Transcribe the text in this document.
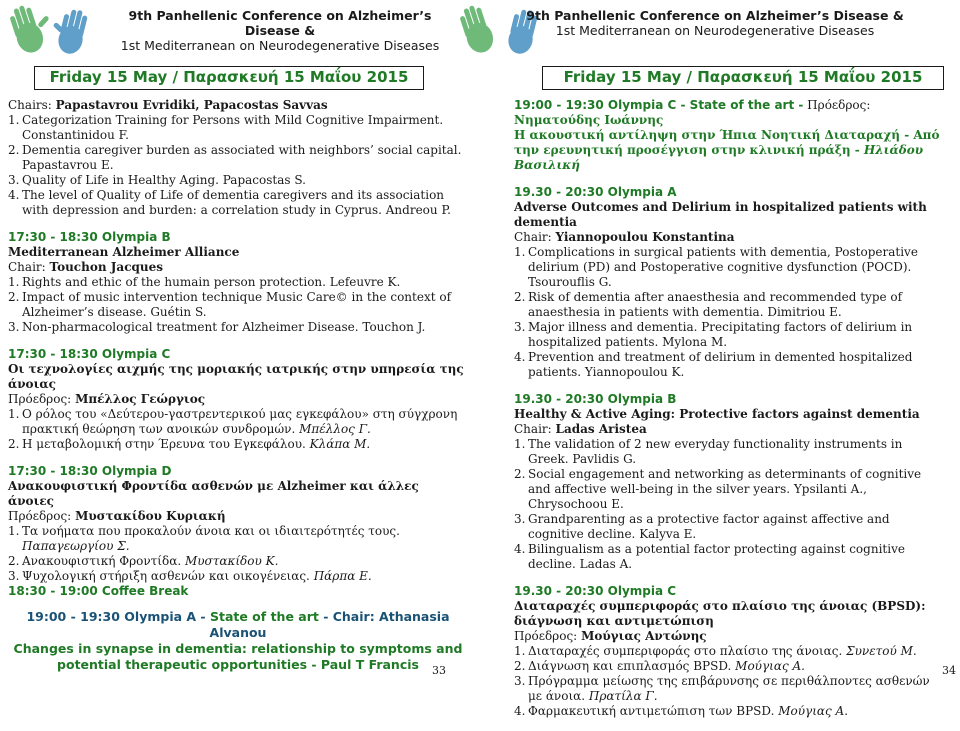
9th Panhellenic Conference on Alzheimer’s Disease &
1st Mediterranean on Neurodegenerative Diseases
Friday 15 May / Παρασκευή 15 Μαΐου 2015
Chairs: Papastavrou Evridiki, Papacostas Savvas
1. Categorization Training for Persons with Mild Cognitive Impairment. Constantinidou F.
2. Dementia caregiver burden as associated with neighbors’ social capital. Papastavrou E.
3. Quality of Life in Healthy Aging. Papacostas S.
4. The level of Quality of Life of dementia caregivers and its association with depression and burden: a correlation study in Cyprus. Andreou P.
17:30 - 18:30 Olympia B
Mediterranean Alzheimer Alliance
Chair: Touchon Jacques
1. Rights and ethic of the humain person protection. Lefeuvre K.
2. Impact of music intervention technique Music Care© in the context of Alzheimer’s disease. Guétin S.
3. Non-pharmacological treatment for Alzheimer Disease. Touchon J.
17:30 - 18:30 Olympia C
Οι τεχνολογίες αιχμής της μοριακής ιατρικής στην υπηρεσία της άνοιας
Πρόεδρος: Μπέλλος Γεώργιος
1. Ο ρόλος του «Δεύτερου-γαστρεντερικού μας εγκεφάλου» στη σύγχρονη πρακτική θεώρηση των ανοικών συνδρομών. Μπέλλος Γ.
2. Η μεταβολομική στην Έρευνα του Εγκεφάλου. Κλάπα Μ.
17:30 - 18:30 Olympia D
Ανακουφιστική Φροντίδα ασθενών με Alzheimer και άλλες άνοιες
Πρόεδρος: Μυστακίδου Κυριακή
1. Τα νοήματα που προκαλούν άνοια και οι ιδιαιτερότητές τους. Παπαγεωργίου Σ.
2. Ανακουφιστική Φροντίδα. Μυστακίδου Κ.
3. Ψυχολογική στήριξη ασθενών και οικογένειας. Πάρπα Ε.
18:30 - 19:00 Coffee Break
19:00 - 19:30 Olympia A - State of the art - Chair: Athanasia Alvanou
Changes in synapse in dementia: relationship to symptoms and
potential therapeutic opportunities - Paul T Francis	33
9th Panhellenic Conference on Alzheimer’s Disease &
1st Mediterranean on Neurodegenerative Diseases
Friday 15 May / Παρασκευή 15 Μαΐου 2015
19:00 - 19:30 Olympia C - State of the art - Πρόεδρος: Νηματούδης Ιωάννης
Η ακουστική αντίληψη στην Ήπια Νοητική Διαταραχή - Από την ερευνητική προσέγγιση στην κλινική πράξη - Ηλιάδου Βασιλική
19.30 - 20:30 Olympia A
Adverse Outcomes and Delirium in hospitalized patients with dementia
Chair: Yiannopoulou Konstantina
1. Complications in surgical patients with dementia, Postoperative delirium (PD) and Postoperative cognitive dysfunction (POCD). Tsourouflis G.
2. Risk of dementia after anaesthesia and recommended type of anaesthesia in patients with dementia. Dimitriou E.
3. Major illness and dementia. Precipitating factors of delirium in hospitalized patients. Mylona M.
4. Prevention and treatment of delirium in demented hospitalized patients. Yiannopoulou K.
19.30 - 20:30 Olympia B
Healthy & Active Aging: Protective factors against dementia
Chair: Ladas Aristea
1. The validation of 2 new everyday functionality instruments in Greek. Pavlidis G.
2. Social engagement and networking as determinants of cognitive and affective well-being in the silver years. Ypsilanti A., Chrysochoou E.
3. Grandparenting as a protective factor against affective and cognitive decline. Kalyva E.
4. Bilingualism as a potential factor protecting against cognitive decline. Ladas A.
19.30 - 20:30 Olympia C
Διαταραχές συμπεριφοράς στο πλαίσιο της άνοιας (BPSD): διάγνωση και αντιμετώπιση
Πρόεδρος: Μούγιας Αντώνης
1. Διαταραχές συμπεριφοράς στο πλαίσιο της άνοιας. Συνετού Μ.
2. Διάγνωση και επιπλασμός BPSD. Μούγιας Α.
3. Πρόγραμμα μείωσης της επιβάρυνσης σε περιθάλποντες ασθενών με άνοια. Πρατίλα Γ.
4. Φαρμακευτική αντιμετώπιση των BPSD. Μούγιας Α.
34
